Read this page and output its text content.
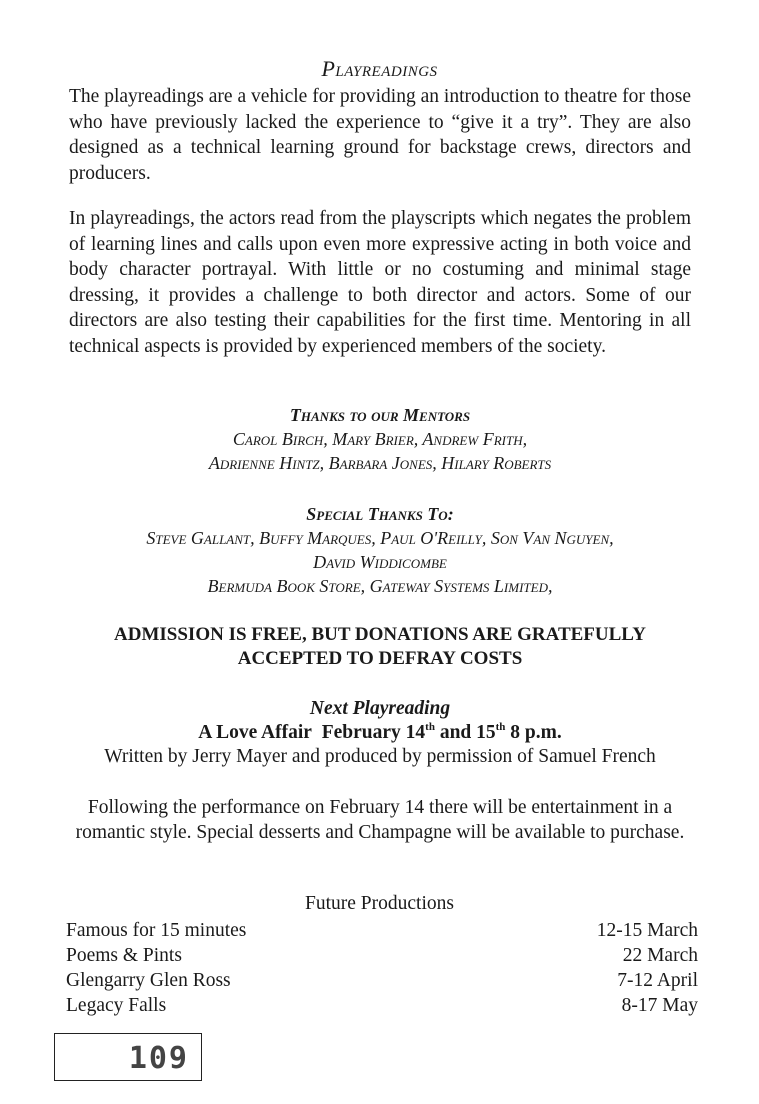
Playreadings

The playreadings are a vehicle for providing an introduction to theatre for those who have previously lacked the experience to “give it a try”. They are also designed as a technical learning ground for backstage crews, directors and producers.

In playreadings, the actors read from the playscripts which negates the problem of learning lines and calls upon even more expressive acting in both voice and body character portrayal. With little or no costuming and minimal stage dressing, it provides a challenge to both director and actors. Some of our directors are also testing their capabilities for the first time. Mentoring in all technical aspects is provided by experienced members of the society.

Thanks to our Mentors
Carol Birch, Mary Brier, Andrew Frith,
Adrienne Hintz, Barbara Jones, Hilary Roberts
Special Thanks To:
Steve Gallant, Buffy Marques, Paul O'Reilly, Son Van Nguyen,
David Widdicombe
Bermuda Book Store, Gateway Systems Limited,
ADMISSION IS FREE, BUT DONATIONS ARE GRATEFULLY
ACCEPTED TO DEFRAY COSTS
Next Playreading
A Love Affair February 14th and 15th 8 p.m.
Written by Jerry Mayer and produced by permission of Samuel French
Following the performance on February 14 there will be entertainment in a romantic style. Special desserts and Champagne will be available to purchase.
Future Productions
Famous for 15 minutes	12-15 March
Poems & Pints	22 March
Glengarry Glen Ross	7-12 April
Legacy Falls	8-17 May
109
